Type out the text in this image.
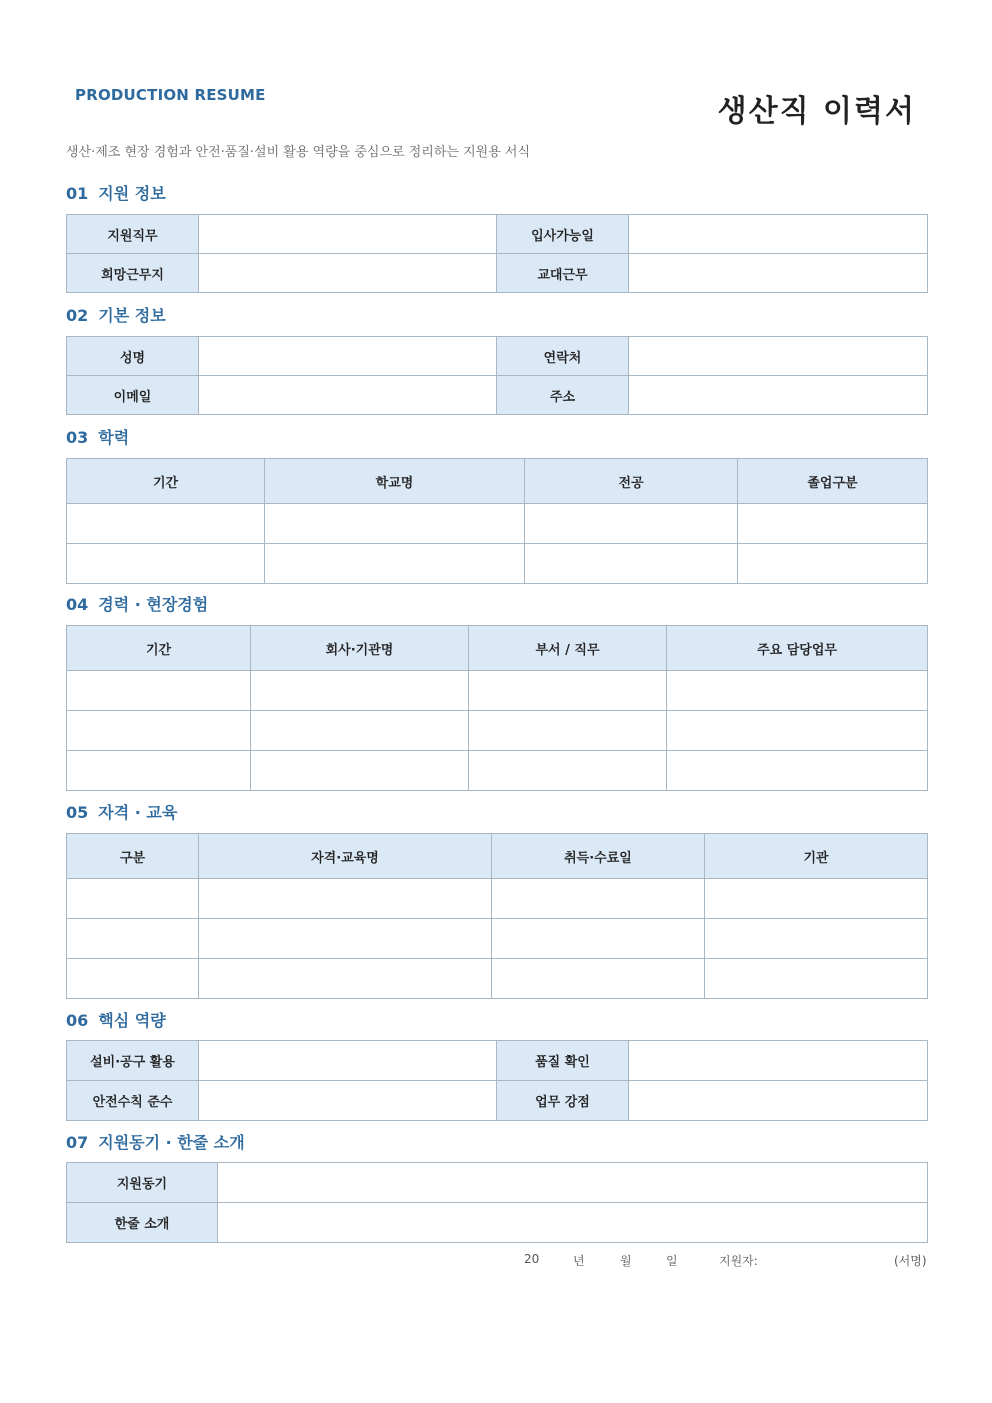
PRODUCTION RESUME	생산직 이력서
생산·제조 현장 경험과 안전·품질·설비 활용 역량을 중심으로 정리하는 지원용 서식
01 지원 정보
지원직무		입사가능일	
희망근무지		교대근무	
02 기본 정보
성명		연락처	
이메일		주소	
03 학력
기간	학교명	전공	졸업구분

04 경력 · 현장경험
기간	회사·기관명	부서 / 직무	주요 담당업무

05 자격 · 교육
구분	자격·교육명	취득·수료일	기관

06 핵심 역량
설비·공구 활용		품질 확인	
안전수칙 준수		업무 강점	
07 지원동기 · 한줄 소개
지원동기	
한줄 소개	
20	년	월	일	지원자:	(서명)
